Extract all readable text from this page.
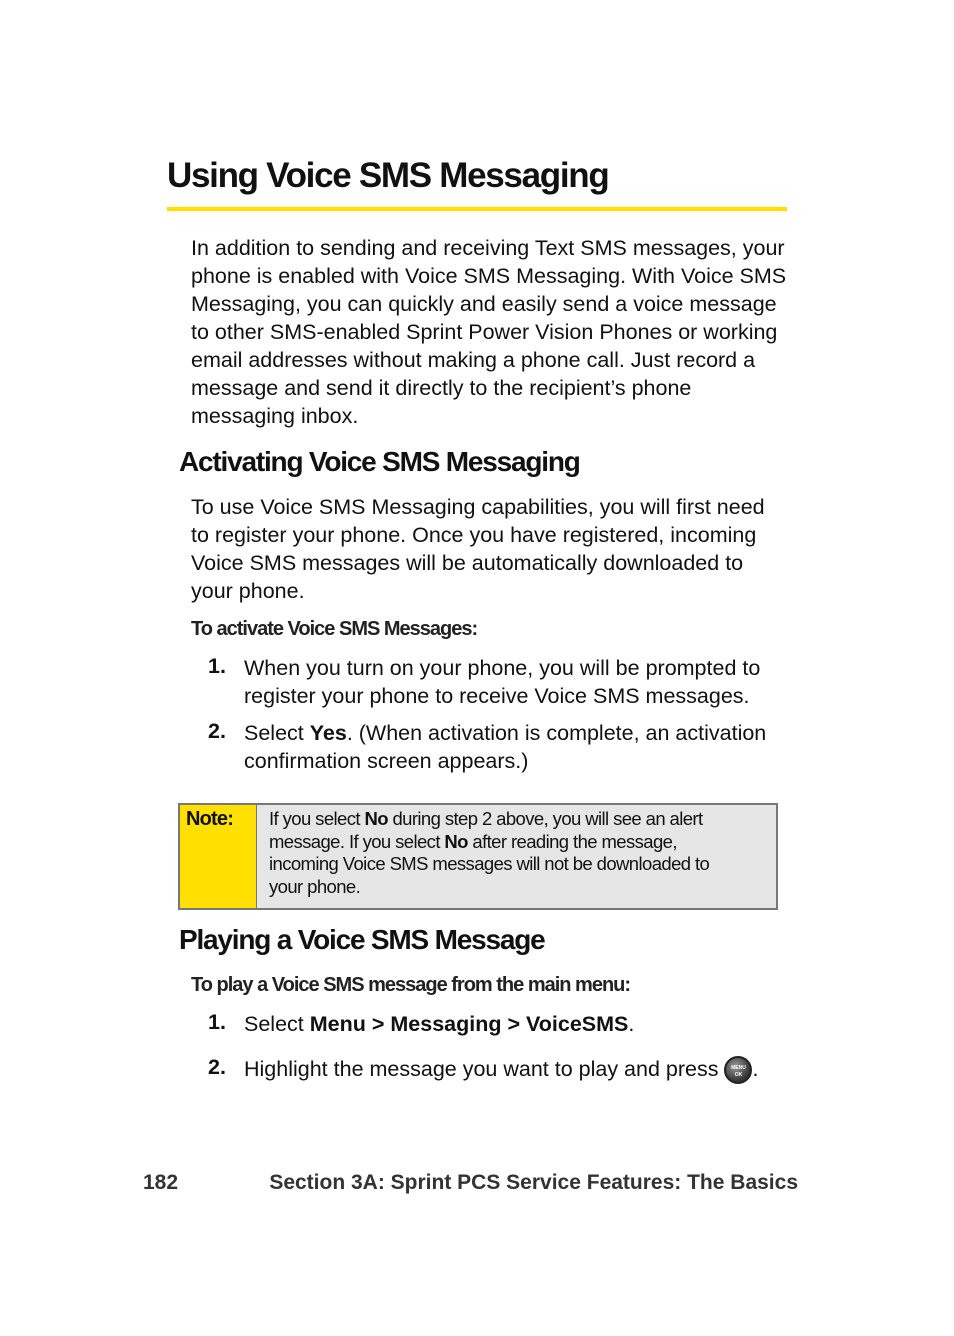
Using Voice SMS Messaging
In addition to sending and receiving Text SMS messages, your
phone is enabled with Voice SMS Messaging. With Voice SMS
Messaging, you can quickly and easily send a voice message
to other SMS-enabled Sprint Power Vision Phones or working
email addresses without making a phone call. Just record a
message and send it directly to the recipient’s phone
messaging inbox.
Activating Voice SMS Messaging
To use Voice SMS Messaging capabilities, you will first need
to register your phone. Once you have registered, incoming
Voice SMS messages will be automatically downloaded to
your phone.
To activate Voice SMS Messages:
1. When you turn on your phone, you will be prompted to
register your phone to receive Voice SMS messages.
2. Select Yes. (When activation is complete, an activation
confirmation screen appears.)
Note:	If you select No during step 2 above, you will see an alert
message. If you select No after reading the message,
incoming Voice SMS messages will not be downloaded to
your phone.
Playing a Voice SMS Message
To play a Voice SMS message from the main menu:
1. Select Menu > Messaging > VoiceSMS.
2. Highlight the message you want to play and press MENU
OK .
182	Section 3A: Sprint PCS Service Features: The Basics
